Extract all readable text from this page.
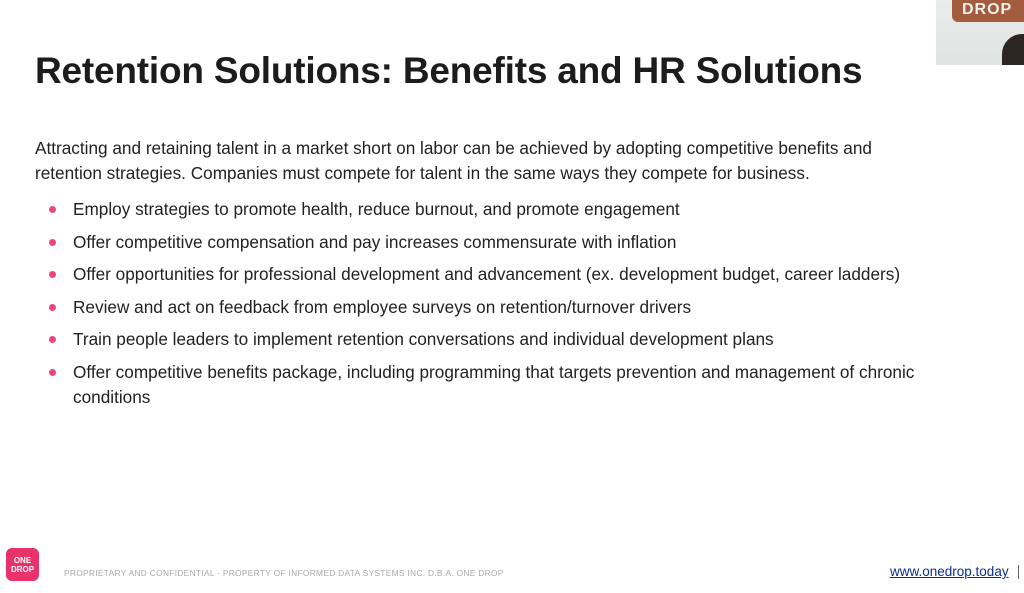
Retention Solutions: Benefits and HR Solutions
Attracting and retaining talent in a market short on labor can be achieved by adopting competitive benefits and retention strategies. Companies must compete for talent in the same ways they compete for business.
Employ strategies to promote health, reduce burnout, and promote engagement
Offer competitive compensation and pay increases commensurate with inflation
Offer opportunities for professional development and advancement (ex. development budget, career ladders)
Review and act on feedback from employee surveys on retention/turnover drivers
Train people leaders to implement retention conversations and individual development plans
Offer competitive benefits package, including programming that targets prevention and management of chronic conditions
DROP
ONE
DROP	PROPRIETARY AND CONFIDENTIAL - PROPERTY OF INFORMED DATA SYSTEMS INC. D.B.A. ONE DROP	www.onedrop.today
